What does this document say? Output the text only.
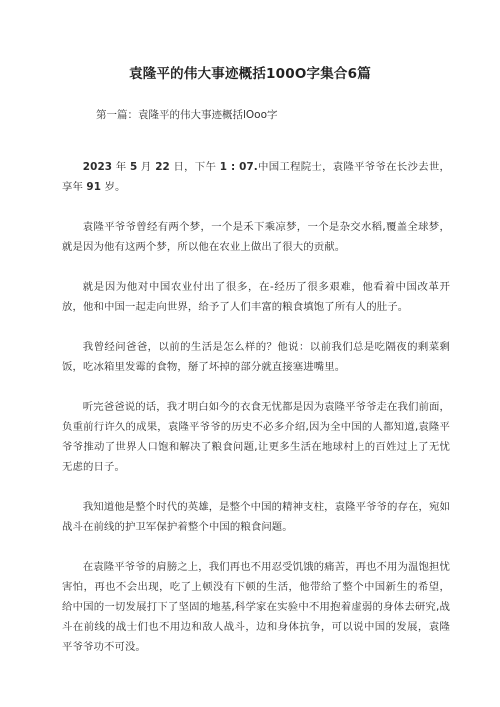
袁隆平的伟大事迹概括100O字集合6篇

第一篇：袁隆平的伟大事迹概括lOoo字

2023 年 5 月 22 日，下午 1 : 07.中国工程院士，袁隆平爷爷在长沙去世，享年 91 岁。

袁隆平爷爷曾经有两个梦，一个是禾下乘凉梦，一个是杂交水稻,覆盖全球梦，就是因为他有这两个梦，所以他在农业上做出了很大的贡献。

就是因为他对中国农业付出了很多，在-经历了很多艰难，他看着中国改革开放，他和中国一起走向世界，给予了人们丰富的粮食填饱了所有人的肚子。

我曾经问爸爸，以前的生活是怎么样的？他说：以前我们总是吃隔夜的剩菜剩饭，吃冰箱里发霉的食物，掰了坏掉的部分就直接塞进嘴里。

听完爸爸说的话，我才明白如今的衣食无忧都是因为袁隆平爷爷走在我们前面，负重前行许久的成果，袁隆平爷爷的历史不必多介绍,因为全中国的人都知道,袁隆平爷爷推动了世界人口饱和解决了粮食问题,让更多生活在地球村上的百姓过上了无忧无虑的日子。

我知道他是整个时代的英雄，是整个中国的精神支柱，袁隆平爷爷的存在，宛如战斗在前线的护卫军保护着整个中国的粮食问题。

在袁隆平爷爷的肩膀之上，我们再也不用忍受饥饿的痛苦，再也不用为温饱担忧害怕，再也不会出现，吃了上顿没有下顿的生活，他带给了整个中国新生的希望，给中国的一切发展打下了坚固的地基,科学家在实验中不用抱着虚弱的身体去研究,战斗在前线的战士们也不用边和敌人战斗，边和身体抗争，可以说中国的发展，袁隆平爷爷功不可没。
